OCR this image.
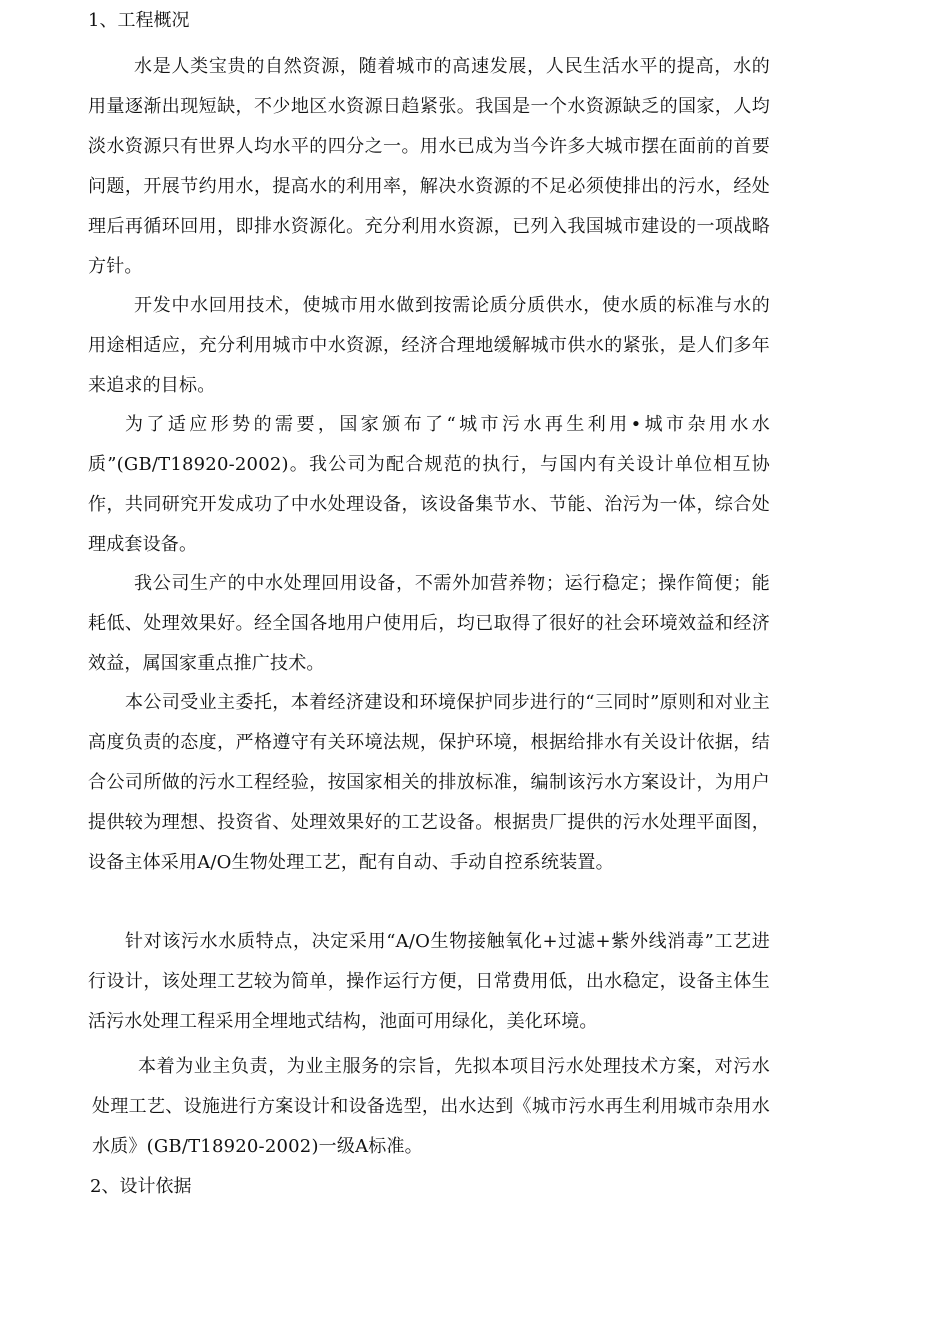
1、工程概况

水是人类宝贵的自然资源，随着城市的高速发展，人民生活水平的提高，水的用量逐渐出现短缺，不少地区水资源日趋紧张。我国是一个水资源缺乏的国家，人均淡水资源只有世界人均水平的四分之一。用水已成为当今许多大城市摆在面前的首要问题，开展节约用水，提高水的利用率，解决水资源的不足必须使排出的污水，经处理后再循环回用，即排水资源化。充分利用水资源，已列入我国城市建设的一项战略方针。

开发中水回用技术，使城市用水做到按需论质分质供水，使水质的标准与水的用途相适应，充分利用城市中水资源，经济合理地缓解城市供水的紧张，是人们多年来追求的目标。

为了适应形势的需要，国家颁布了“城市污水再生利用•城市杂用水水质”(GB/T18920-2002)。我公司为配合规范的执行，与国内有关设计单位相互协作，共同研究开发成功了中水处理设备，该设备集节水、节能、治污为一体，综合处理成套设备。

我公司生产的中水处理回用设备，不需外加营养物；运行稳定；操作简便；能耗低、处理效果好。经全国各地用户使用后，均已取得了很好的社会环境效益和经济效益，属国家重点推广技术。

本公司受业主委托，本着经济建设和环境保护同步进行的“三同时”原则和对业主高度负责的态度，严格遵守有关环境法规，保护环境，根据给排水有关设计依据，结合公司所做的污水工程经验，按国家相关的排放标准，编制该污水方案设计，为用户提供较为理想、投资省、处理效果好的工艺设备。根据贵厂提供的污水处理平面图，设备主体采用A/O生物处理工艺，配有自动、手动自控系统装置。

针对该污水水质特点，决定采用“A/O生物接触氧化+过滤+紫外线消毒”工艺进行设计，该处理工艺较为简单，操作运行方便，日常费用低，出水稳定，设备主体生活污水处理工程采用全埋地式结构，池面可用绿化，美化环境。

本着为业主负责，为业主服务的宗旨，先拟本项目污水处理技术方案，对污水处理工艺、设施进行方案设计和设备选型，出水达到《城市污水再生利用城市杂用水水质》(GB/T18920-2002)一级A标准。

2、设计依据
